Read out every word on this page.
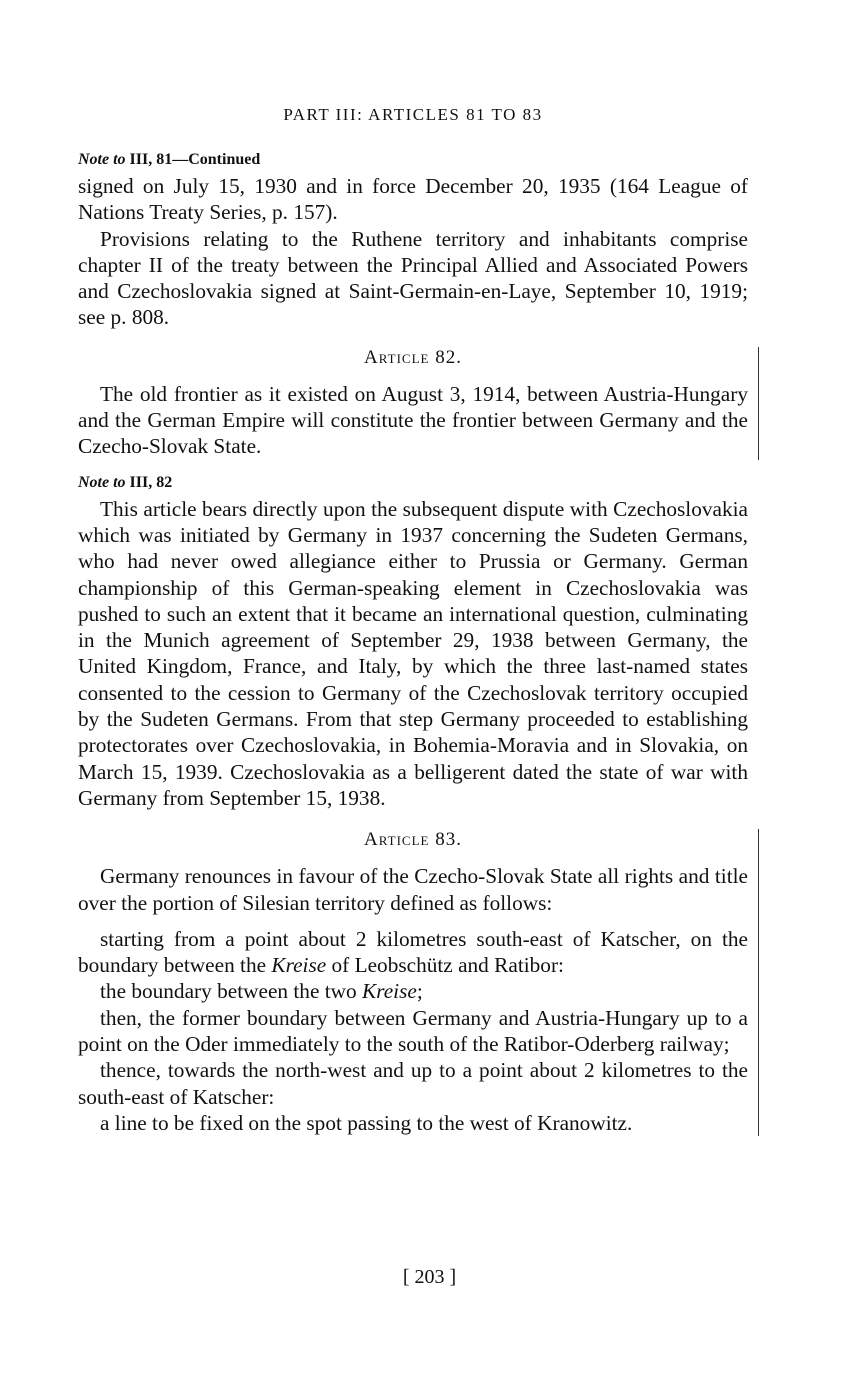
PART III: ARTICLES 81 TO 83
Note to III, 81—Continued

signed on July 15, 1930 and in force December 20, 1935 (164 League of Nations Treaty Series, p. 157).

Provisions relating to the Ruthene territory and inhabitants comprise chapter II of the treaty between the Principal Allied and Associated Powers and Czechoslovakia signed at Saint-Germain-en-Laye, September 10, 1919; see p. 808.

Article 82.

The old frontier as it existed on August 3, 1914, between Austria-Hungary and the German Empire will constitute the frontier between Germany and the Czecho-Slovak State.

Note to III, 82

This article bears directly upon the subsequent dispute with Czechoslovakia which was initiated by Germany in 1937 concerning the Sudeten Germans, who had never owed allegiance either to Prussia or Germany. German championship of this German-speaking element in Czechoslovakia was pushed to such an extent that it became an international question, culminating in the Munich agreement of September 29, 1938 between Germany, the United Kingdom, France, and Italy, by which the three last-named states consented to the cession to Germany of the Czechoslovak territory occupied by the Sudeten Germans. From that step Germany proceeded to establishing protectorates over Czechoslovakia, in Bohemia-Moravia and in Slovakia, on March 15, 1939. Czechoslovakia as a belligerent dated the state of war with Germany from September 15, 1938.

Article 83.

Germany renounces in favour of the Czecho-Slovak State all rights and title over the portion of Silesian territory defined as follows:

starting from a point about 2 kilometres south-east of Katscher, on the boundary between the Kreise of Leobschütz and Ratibor:

the boundary between the two Kreise;

then, the former boundary between Germany and Austria-Hungary up to a point on the Oder immediately to the south of the Ratibor-Oderberg railway;

thence, towards the north-west and up to a point about 2 kilometres to the south-east of Katscher:

a line to be fixed on the spot passing to the west of Kranowitz.

[ 203 ]
